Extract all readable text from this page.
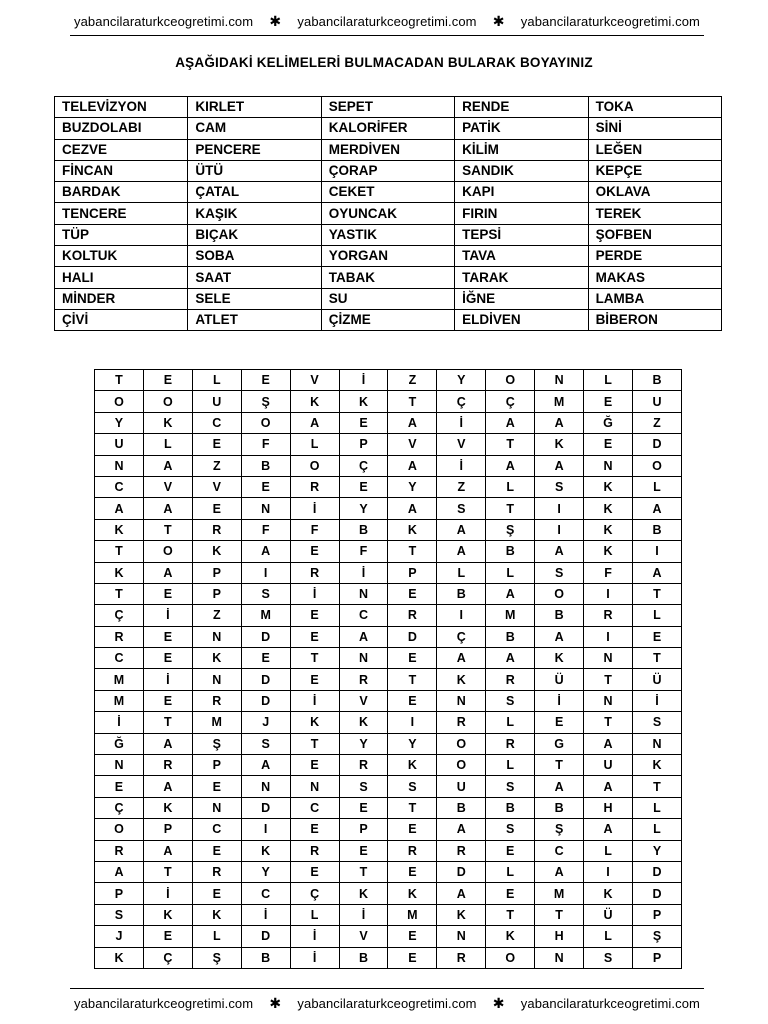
yabancilaraturkceogretimi.com ✱	yabancilaraturkceogretimi.com ✱	yabancilaraturkceogretimi.com
AŞAĞIDAKİ KELİMELERİ BULMACADAN BULARAK BOYAYINIZ
TELEVİZYON	KIRLET	SEPET	RENDE	TOKA
BUZDOLABI	CAM	KALORİFER	PATİK	SİNİ
CEZVE	PENCERE	MERDİVEN	KİLİM	LEĞEN
FİNCAN	ÜTÜ	ÇORAP	SANDIK	KEPÇE
BARDAK	ÇATAL	CEKET	KAPI	OKLAVA
TENCERE	KAŞIK	OYUNCAK	FIRIN	TEREK
TÜP	BIÇAK	YASTIK	TEPSİ	ŞOFBEN
KOLTUK	SOBA	YORGAN	TAVA	PERDE
HALI	SAAT	TABAK	TARAK	MAKAS
MİNDER	SELE	SU	İĞNE	LAMBA
ÇİVİ	ATLET	ÇİZME	ELDİVEN	BİBERON
T	E	L	E	V	İ	Z	Y	O	N	L	B
O	O	U	Ş	K	K	T	Ç	Ç	M	E	U
Y	K	C	O	A	E	A	İ	A	A	Ğ	Z
U	L	E	F	L	P	V	V	T	K	E	D
N	A	Z	B	O	Ç	A	İ	A	A	N	O
C	V	V	E	R	E	Y	Z	L	S	K	L
A	A	E	N	İ	Y	A	S	T	I	K	A
K	T	R	F	F	B	K	A	Ş	I	K	B
T	O	K	A	E	F	T	A	B	A	K	I
K	A	P	I	R	İ	P	L	L	S	F	A
T	E	P	S	İ	N	E	B	A	O	I	T
Ç	İ	Z	M	E	C	R	I	M	B	R	L
R	E	N	D	E	A	D	Ç	B	A	I	E
C	E	K	E	T	N	E	A	A	K	N	T
M	İ	N	D	E	R	T	K	R	Ü	T	Ü
M	E	R	D	İ	V	E	N	S	İ	N	İ
İ	T	M	J	K	K	I	R	L	E	T	S
Ğ	A	Ş	S	T	Y	Y	O	R	G	A	N
N	R	P	A	E	R	K	O	L	T	U	K
E	A	E	N	N	S	S	U	S	A	A	T
Ç	K	N	D	C	E	T	B	B	B	H	L
O	P	C	I	E	P	E	A	S	Ş	A	L
R	A	E	K	R	E	R	R	E	C	L	Y
A	T	R	Y	E	T	E	D	L	A	I	D
P	İ	E	C	Ç	K	K	A	E	M	K	D
S	K	K	İ	L	İ	M	K	T	T	Ü	P
J	E	L	D	İ	V	E	N	K	H	L	Ş
K	Ç	Ş	B	İ	B	E	R	O	N	S	P
yabancilaraturkceogretimi.com ✱	yabancilaraturkceogretimi.com ✱	yabancilaraturkceogretimi.com
